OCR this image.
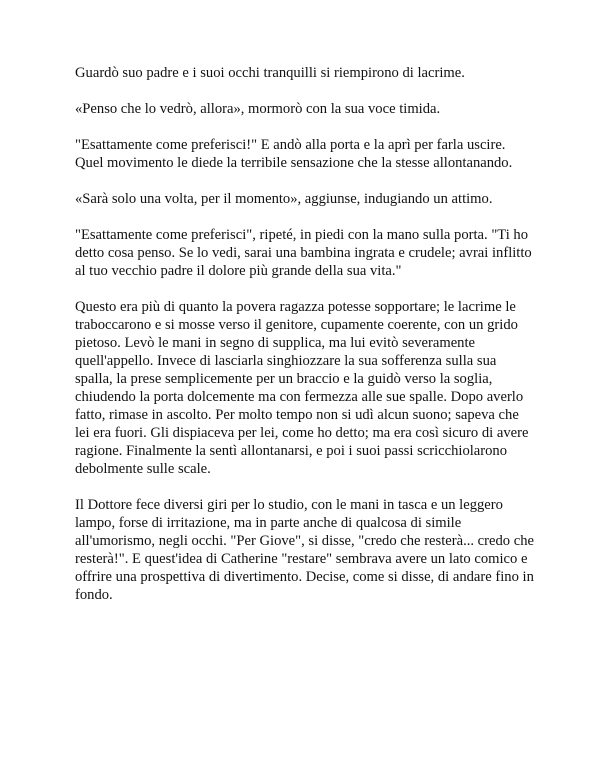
Guardò suo padre e i suoi occhi tranquilli si riempirono di lacrime.

«Penso che lo vedrò, allora», mormorò con la sua voce timida.

"Esattamente come preferisci!" E andò alla porta e la aprì per farla uscire. Quel movimento le diede la terribile sensazione che la stesse allontanando.

«Sarà solo una volta, per il momento», aggiunse, indugiando un attimo.

"Esattamente come preferisci", ripeté, in piedi con la mano sulla porta. "Ti ho detto cosa penso. Se lo vedi, sarai una bambina ingrata e crudele; avrai inflitto al tuo vecchio padre il dolore più grande della sua vita."

Questo era più di quanto la povera ragazza potesse sopportare; le lacrime le traboccarono e si mosse verso il genitore, cupamente coerente, con un grido pietoso. Levò le mani in segno di supplica, ma lui evitò severamente quell'appello. Invece di lasciarla singhiozzare la sua sofferenza sulla sua spalla, la prese semplicemente per un braccio e la guidò verso la soglia, chiudendo la porta dolcemente ma con fermezza alle sue spalle. Dopo averlo fatto, rimase in ascolto. Per molto tempo non si udì alcun suono; sapeva che lei era fuori. Gli dispiaceva per lei, come ho detto; ma era così sicuro di avere ragione. Finalmente la sentì allontanarsi, e poi i suoi passi scricchiolarono debolmente sulle scale.

Il Dottore fece diversi giri per lo studio, con le mani in tasca e un leggero lampo, forse di irritazione, ma in parte anche di qualcosa di simile all'umorismo, negli occhi. "Per Giove", si disse, "credo che resterà... credo che resterà!". E quest'idea di Catherine "restare" sembrava avere un lato comico e offrire una prospettiva di divertimento. Decise, come si disse, di andare fino in fondo.
